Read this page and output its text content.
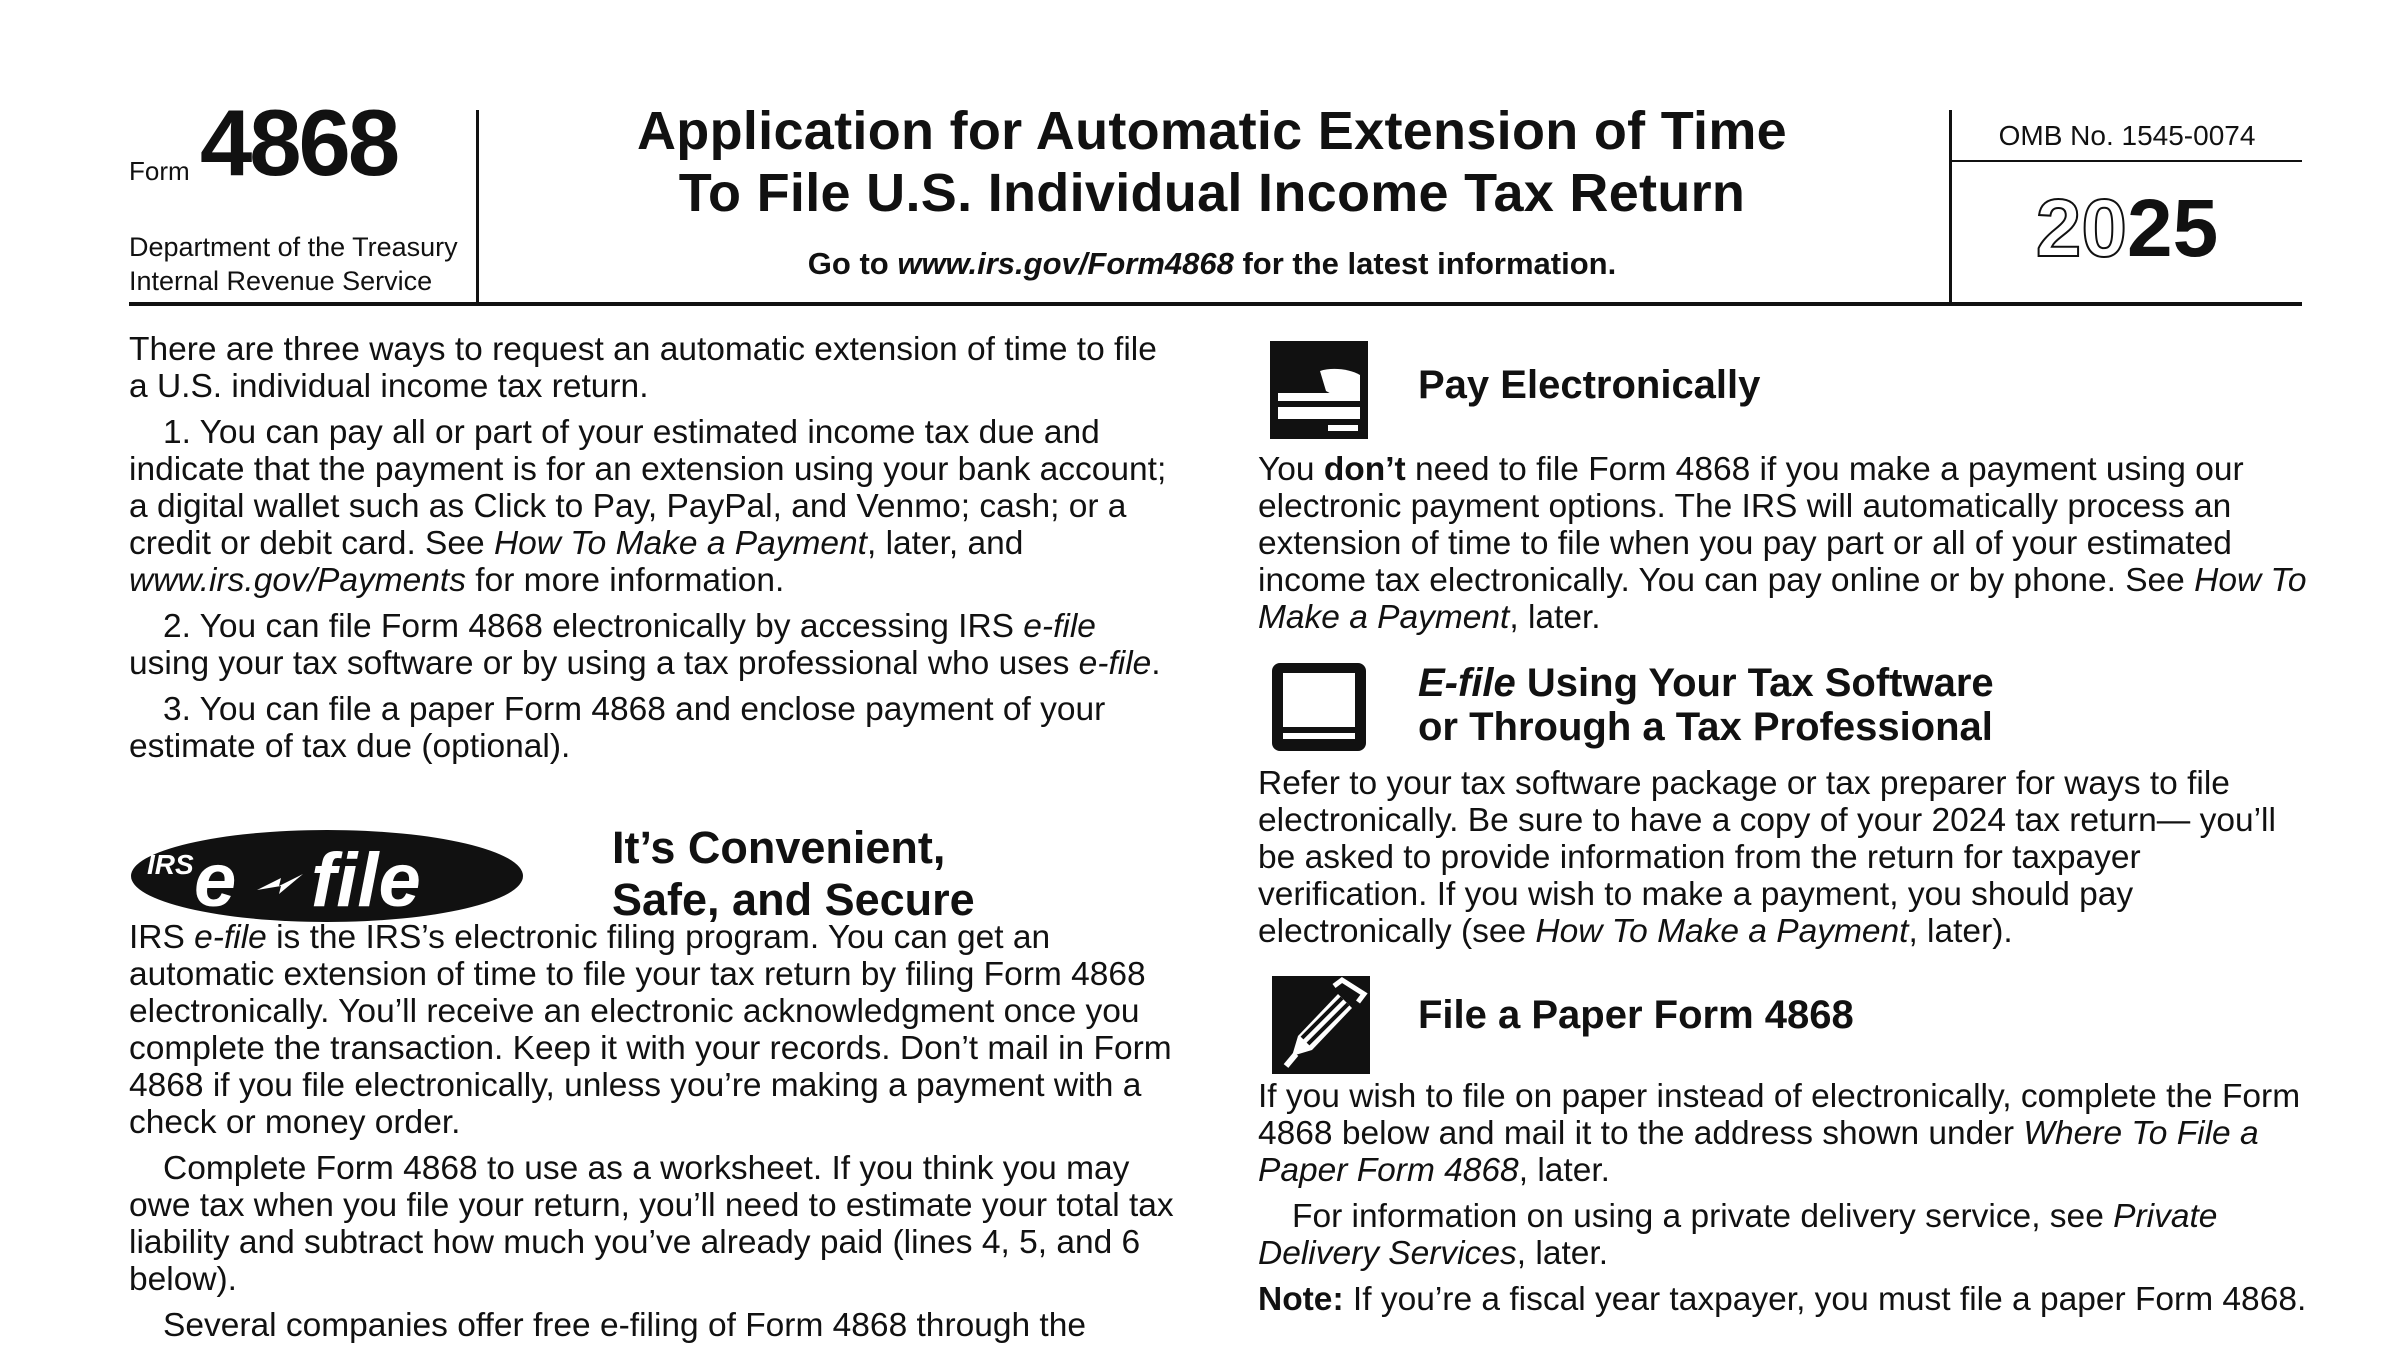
Form 4868
Department of the Treasury
Internal Revenue Service
Application for Automatic Extension of Time
To File U.S. Individual Income Tax Return
Go to www.irs.gov/Form4868 for the latest information.
OMB No. 1545-0074
2025

There are three ways to request an automatic extension of time to file a U.S. individual income tax return.

1. You can pay all or part of your estimated income tax due and indicate that the payment is for an extension using your bank account; a digital wallet such as Click to Pay, PayPal, and Venmo; cash; or a credit or debit card. See How To Make a Payment, later, and www.irs.gov/Payments for more information.

2. You can file Form 4868 electronically by accessing IRS e-file using your tax software or by using a tax professional who uses e-file.

3. You can file a paper Form 4868 and enclose payment of your estimate of tax due (optional).

IRS e-file is the IRS’s electronic filing program. You can get an automatic extension of time to file your tax return by filing Form 4868 electronically. You’ll receive an electronic acknowledgment once you complete the transaction. Keep it with your records. Don’t mail in Form 4868 if you file electronically, unless you’re making a payment with a check or money order.

Complete Form 4868 to use as a worksheet. If you think you may owe tax when you file your return, you’ll need to estimate your total tax liability and subtract how much you’ve already paid (lines 4, 5, and 6 below).

Several companies offer free e-filing of Form 4868 through the

IRS e file	It’s Convenient,
Safe, and Secure
Pay Electronically

You don’t need to file Form 4868 if you make a payment using our electronic payment options. The IRS will automatically process an extension of time to file when you pay part or all of your estimated income tax electronically. You can pay online or by phone. See How To Make a Payment, later.

E-file Using Your Tax Software
or Through a Tax Professional

Refer to your tax software package or tax preparer for ways to file electronically. Be sure to have a copy of your 2024 tax return— you’ll be asked to provide information from the return for taxpayer verification. If you wish to make a payment, you should pay electronically (see How To Make a Payment, later).

File a Paper Form 4868

If you wish to file on paper instead of electronically, complete the Form 4868 below and mail it to the address shown under Where To File a Paper Form 4868, later.

For information on using a private delivery service, see Private Delivery Services, later.

Note: If you’re a fiscal year taxpayer, you must file a paper Form 4868.
